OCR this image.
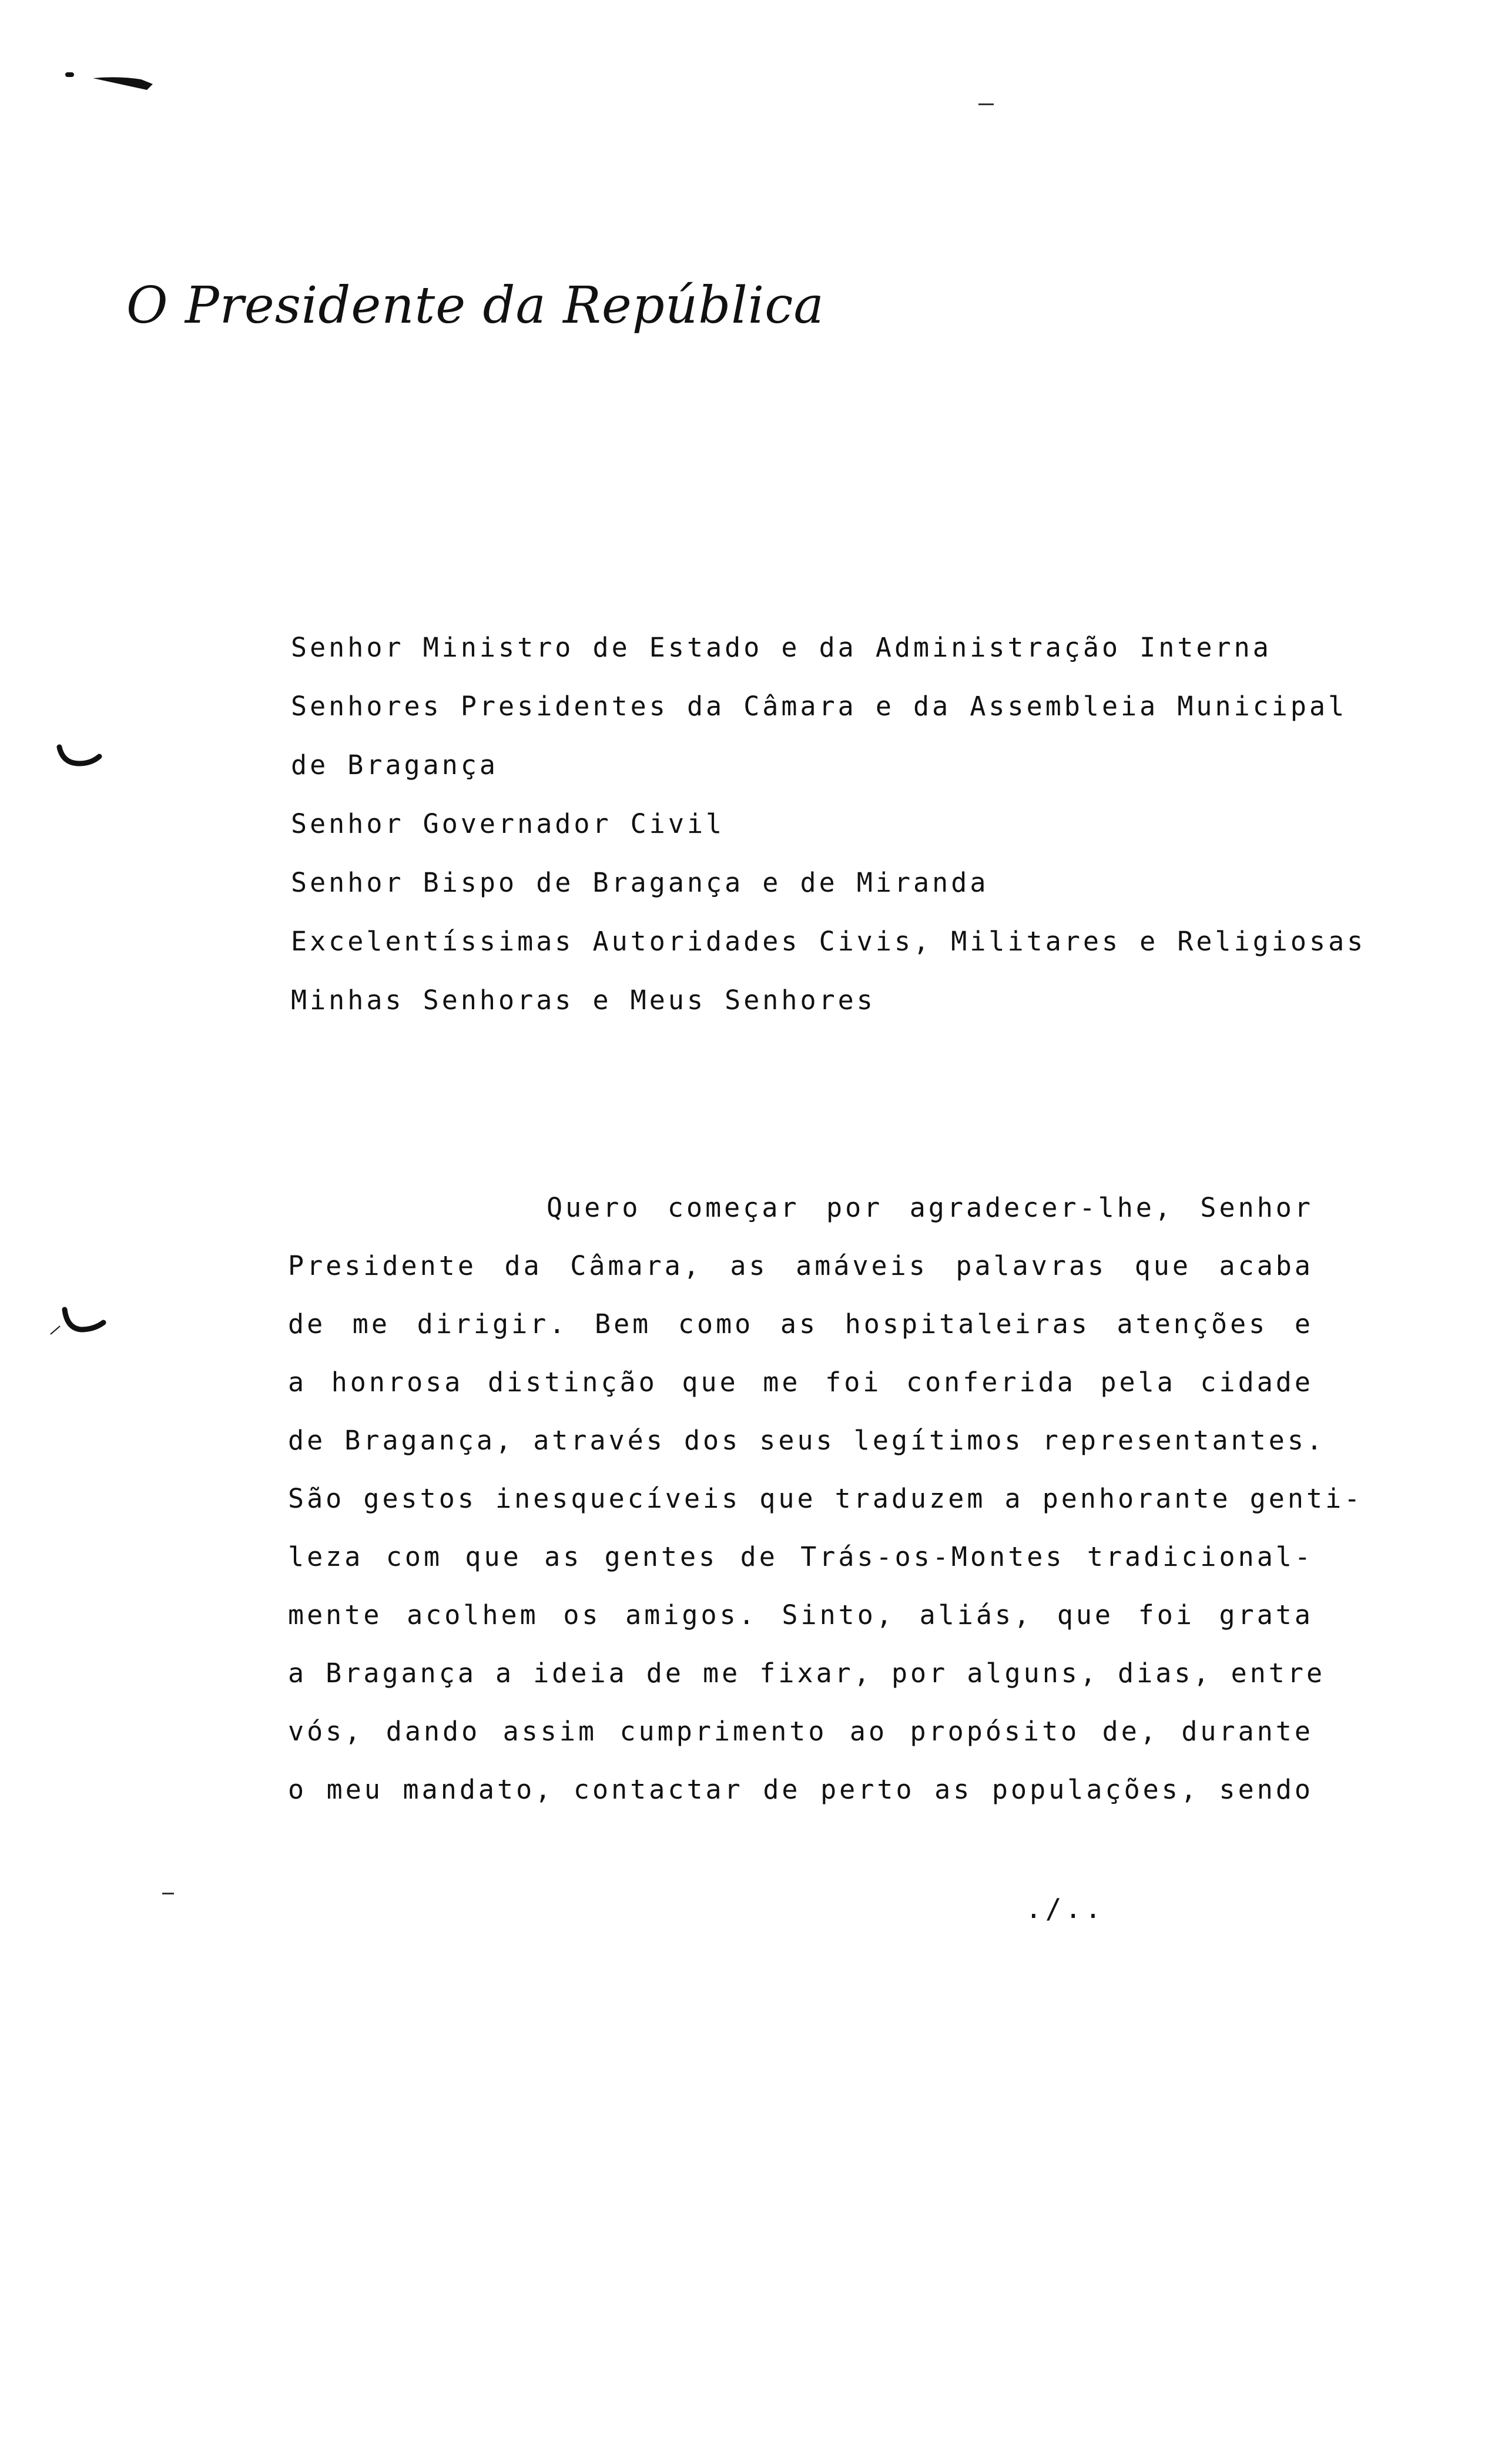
O Presidente da República
Senhor Ministro de Estado e da Administração Interna
Senhores Presidentes da Câmara e da Assembleia Municipal
de Bragança
Senhor Governador Civil
Senhor Bispo de Bragança e de Miranda
Excelentíssimas Autoridades Civis, Militares e Religiosas
Minhas Senhoras e Meus Senhores
Quero começar por agradecer-lhe, Senhor
Presidente da Câmara, as amáveis palavras que acaba
de me dirigir. Bem como as hospitaleiras atenções e
a honrosa distinção que me foi conferida pela cidade
de Bragança, através dos seus legítimos representantes.
São gestos inesquecíveis que traduzem a penhorante genti-
leza com que as gentes de Trás-os-Montes tradicional-
mente acolhem os amigos. Sinto, aliás, que foi grata
a Bragança a ideia de me fixar, por alguns, dias, entre
vós, dando assim cumprimento ao propósito de, durante
o meu mandato, contactar de perto as populações, sendo
./..
